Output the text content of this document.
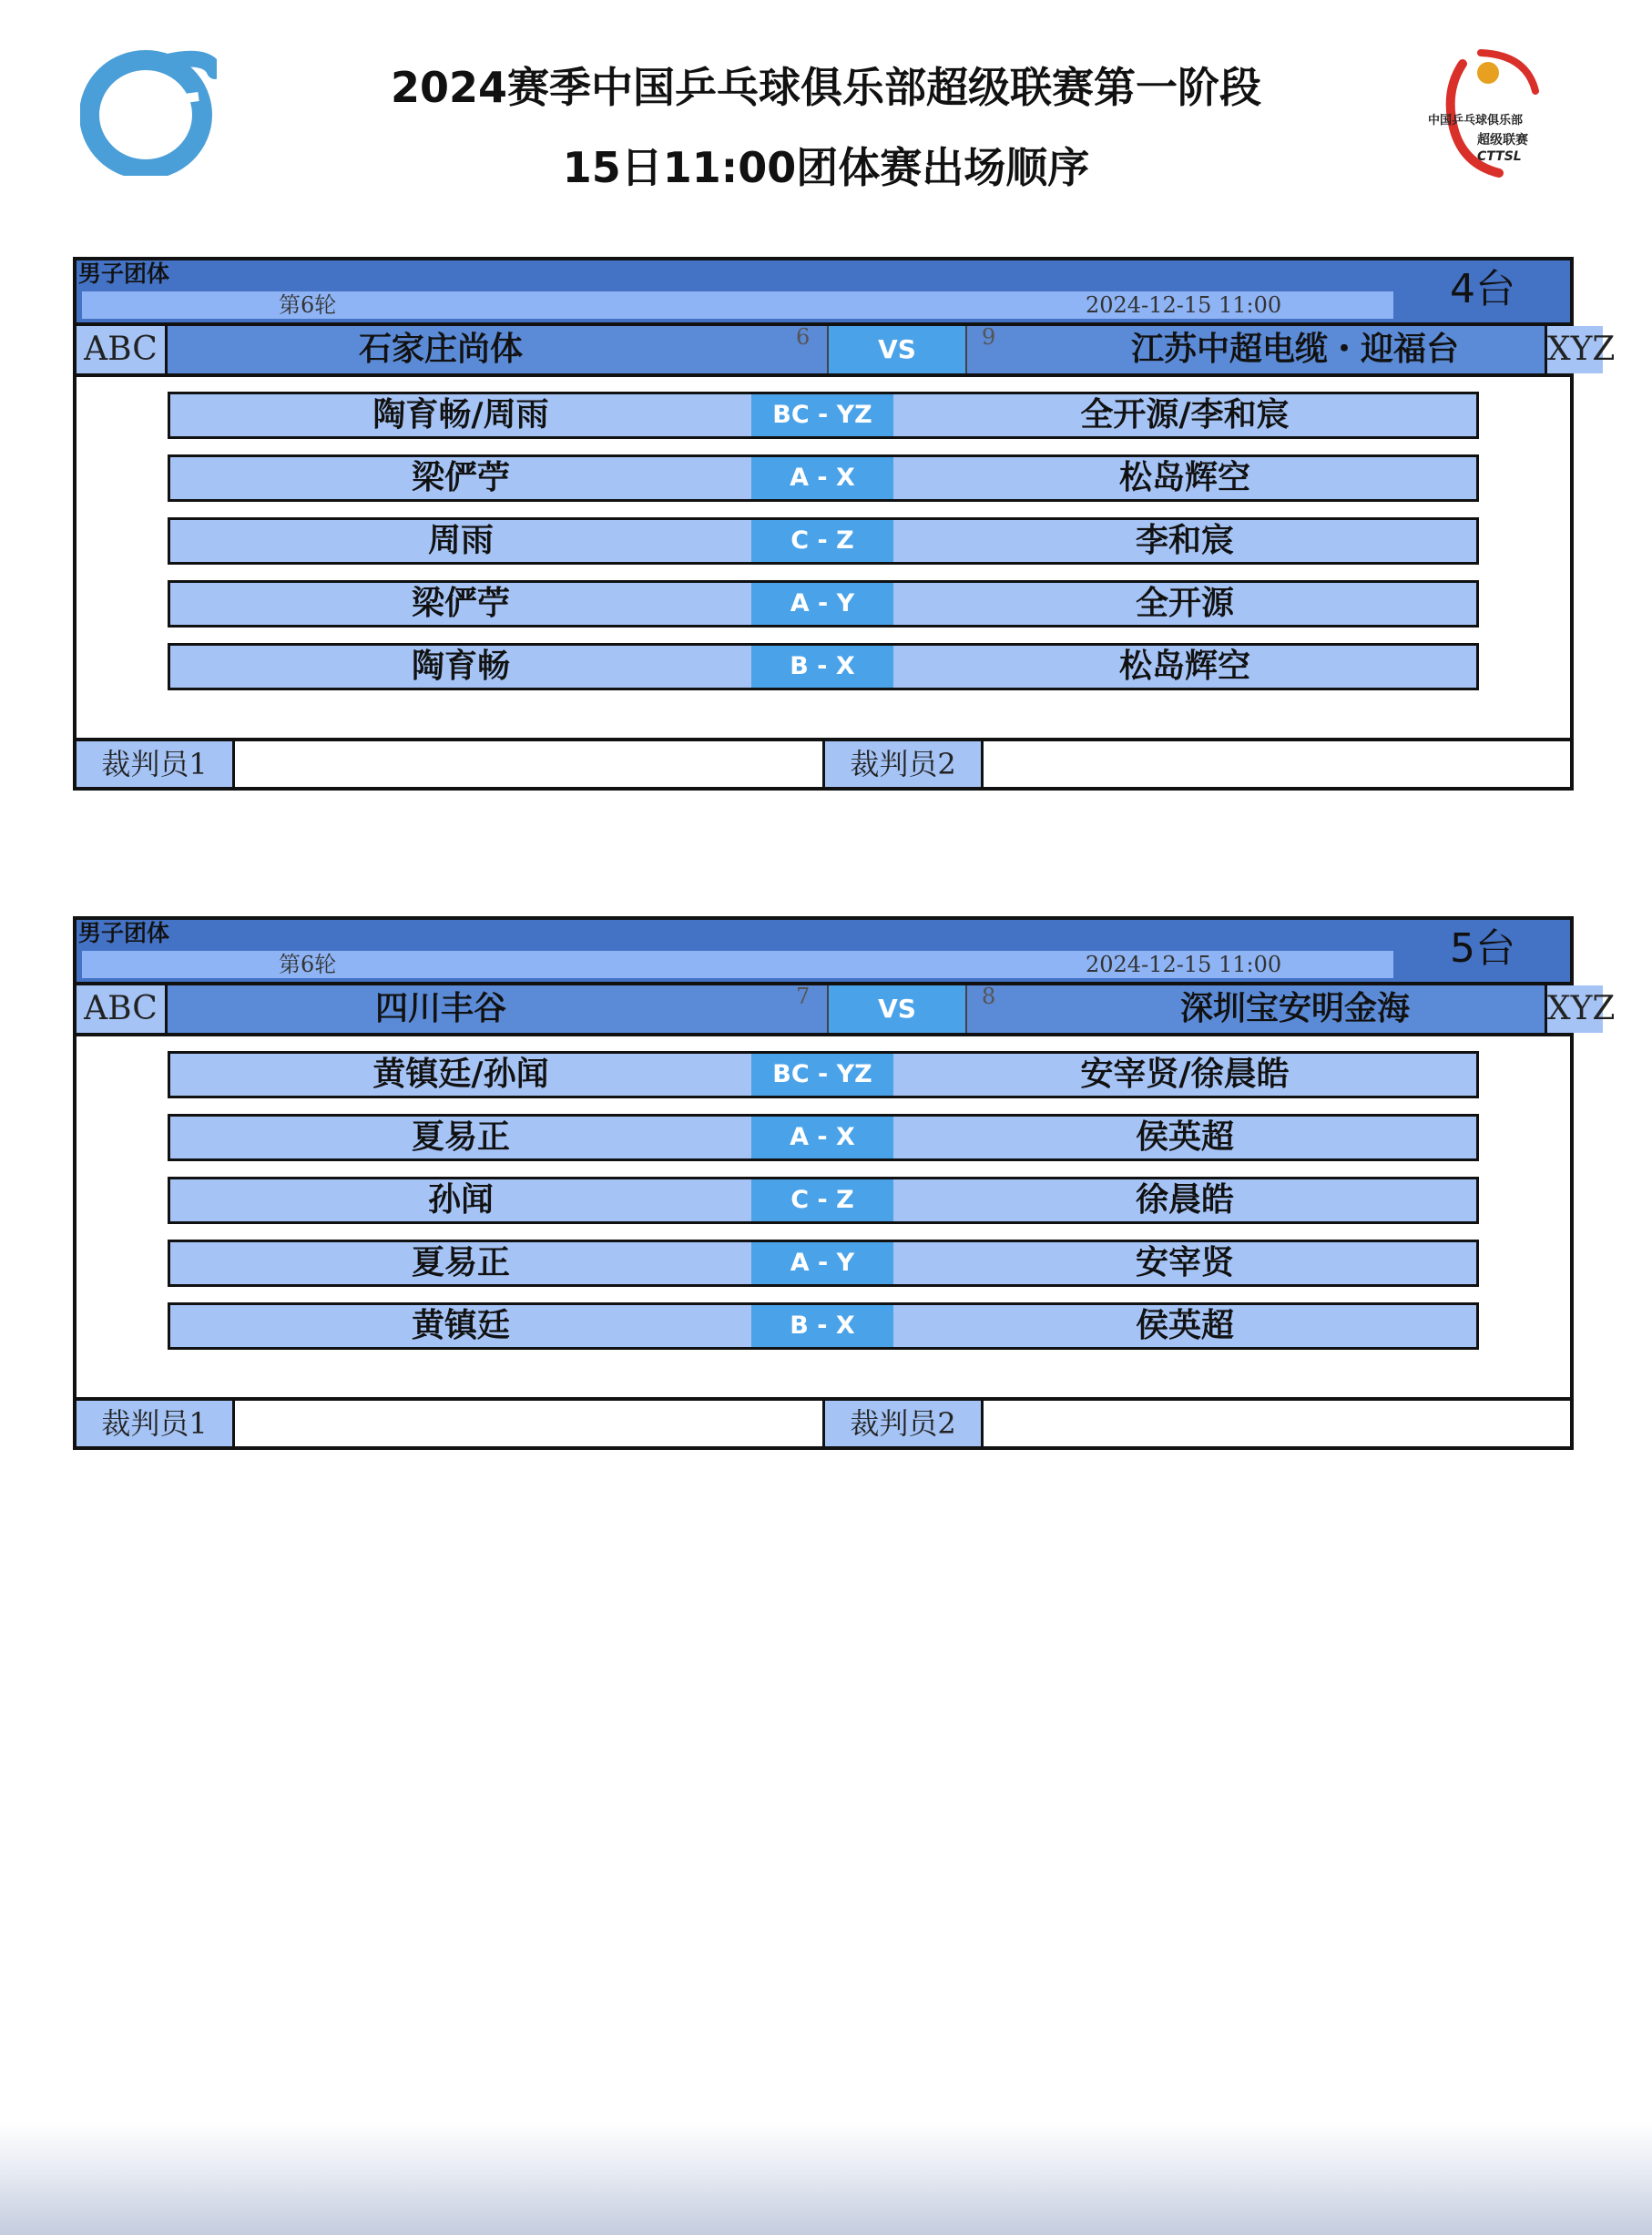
T.T.A
2024赛季中国乒乓球俱乐部超级联赛第一阶段
15日11:00团体赛出场顺序
中国乒乓球俱乐部
超级联赛
CTTSL
男子团体
第6轮	2024-12-15 11:00	4台
ABC	石家庄尚体	6	VS	9	江苏中超电缆・迎福台	XYZ
陶育畅/周雨	BC - YZ	全开源/李和宸
梁俨苧	A - X	松岛辉空
周雨	C - Z	李和宸
梁俨苧	A - Y	全开源
陶育畅	B - X	松岛辉空
裁判员1	裁判员2
男子团体
第6轮	2024-12-15 11:00	5台
ABC	四川丰谷	7	VS	8	深圳宝安明金海	XYZ
黄镇廷/孙闻	BC - YZ	安宰贤/徐晨皓
夏易正	A - X	侯英超
孙闻	C - Z	徐晨皓
夏易正	A - Y	安宰贤
黄镇廷	B - X	侯英超
裁判员1	裁判员2
